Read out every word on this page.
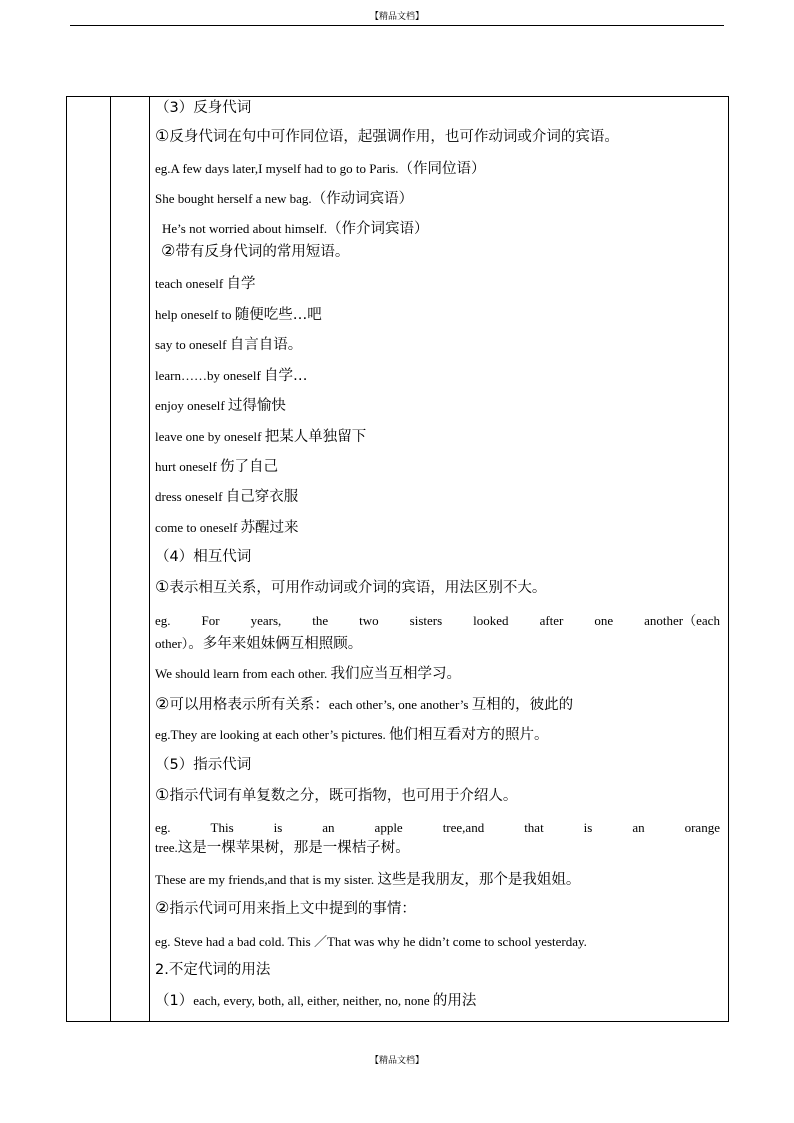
【精品文档】
（3）反身代词
①反身代词在句中可作同位语，起强调作用，也可作动词或介词的宾语。
eg.A few days later,I myself had to go to Paris.（作同位语）
She bought herself a new bag.（作动词宾语）
He’s not worried about himself.（作介词宾语）
②带有反身代词的常用短语。
teach oneself 自学
help oneself to 随便吃些…吧
say to oneself 自言自语。
learn……by oneself 自学…
enjoy oneself 过得愉快
leave one by oneself 把某人单独留下
hurt oneself 伤了自己
dress oneself 自己穿衣服
come to oneself 苏醒过来
（4）相互代词
①表示相互关系，可用作动词或介词的宾语，用法区别不大。
eg. For years, the two sisters looked after one another（each
other）。多年来姐妹俩互相照顾。
We should learn from each other. 我们应当互相学习。
②可以用格表示所有关系：each other’s, one another’s 互相的，彼此的
eg.They are looking at each other’s pictures. 他们相互看对方的照片。
（5）指示代词
①指示代词有单复数之分，既可指物，也可用于介绍人。
eg.	This	is	an	apple	tree,and	that	is	an	orange
tree.这是一棵苹果树，那是一棵桔子树。
These are my friends,and that is my sister. 这些是我朋友，那个是我姐姐。
②指示代词可用来指上文中提到的事情：
eg. Steve had a bad cold. This ／That was why he didn’t come to school yesterday.
2.不定代词的用法
（1）each, every, both, all, either, neither, no, none 的用法
【精品文档】
